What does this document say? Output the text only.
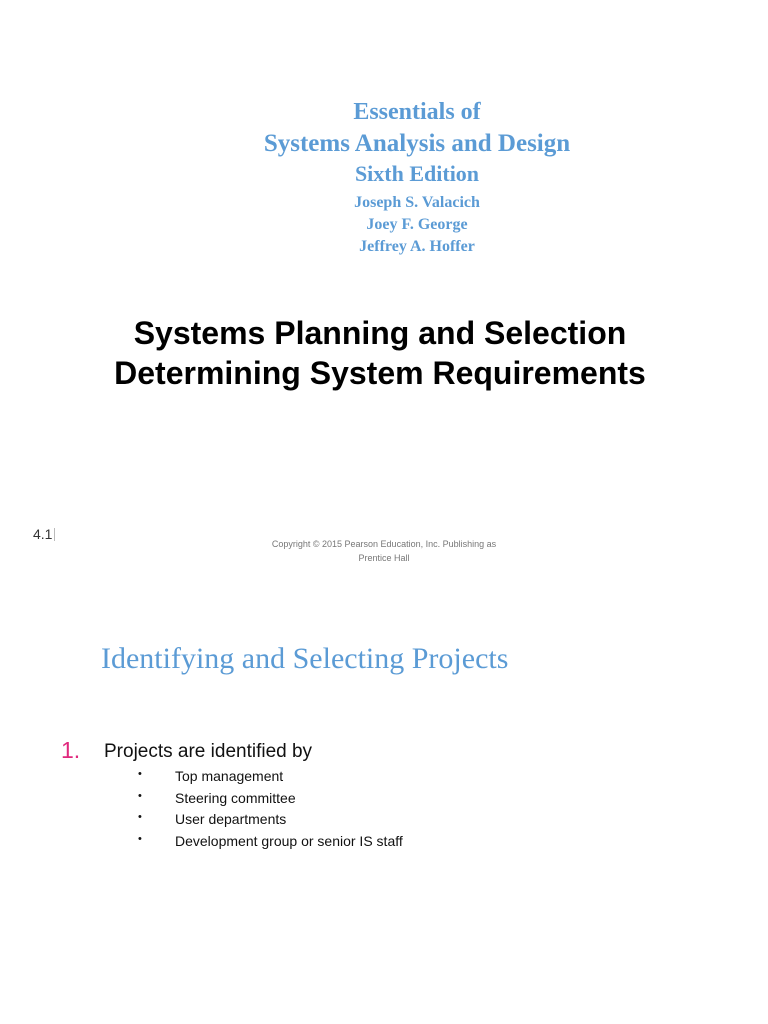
Essentials of
Systems Analysis and Design
Sixth Edition
Joseph S. Valacich
Joey F. George
Jeffrey A. Hoffer
Systems Planning and Selection
Determining System Requirements
4.1
Copyright © 2015 Pearson Education, Inc. Publishing as
Prentice Hall
Identifying and Selecting Projects
1. Projects are identified by
• Top management
• Steering committee
• User departments
• Development group or senior IS staff
